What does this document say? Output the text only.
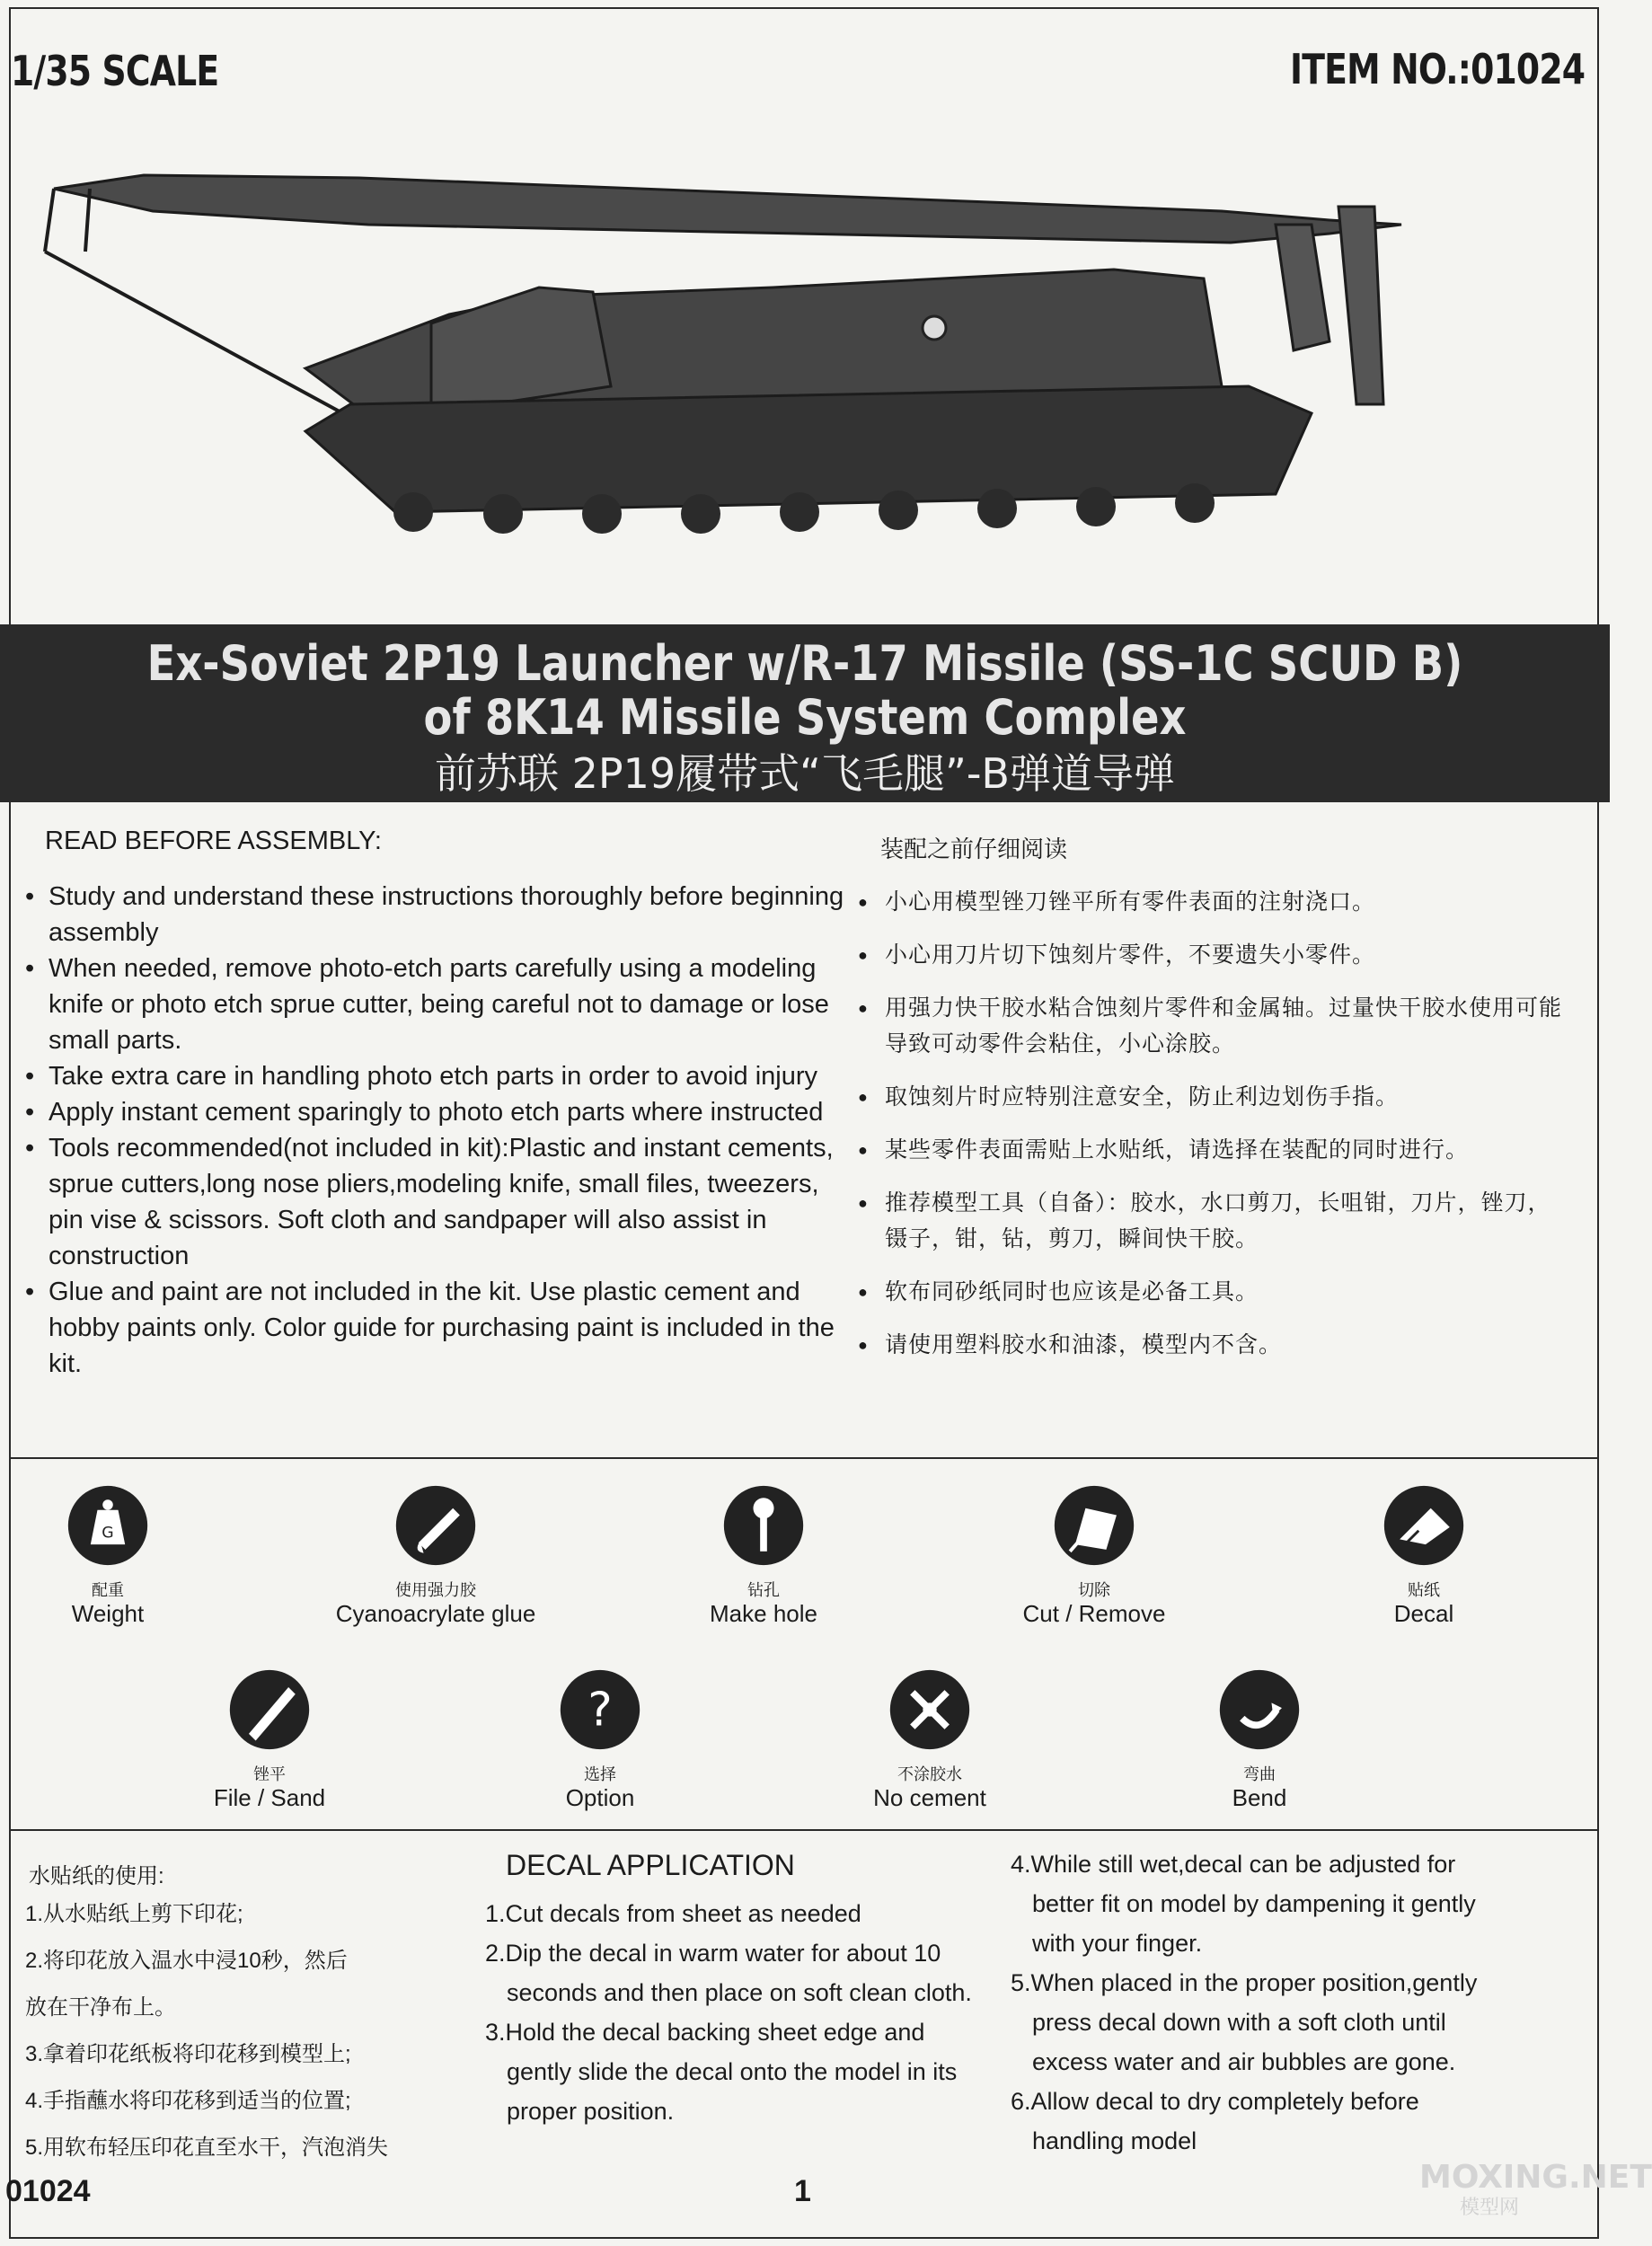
1/35 SCALE	ITEM NO.:01024
Ex-Soviet 2P19 Launcher w/R-17 Missile (SS-1C SCUD B)
of 8K14 Missile System Complex
前苏联 2P19履带式“飞毛腿”-B弹道导弹
READ BEFORE ASSEMBLY:
• Study and understand these instructions thoroughly before beginning assembly
• When needed, remove photo-etch parts carefully using a modeling knife or photo etch sprue cutter, being careful not to damage or lose small parts.
• Take extra care in handling photo etch parts in order to avoid injury
• Apply instant cement sparingly to photo etch parts where instructed
• Tools recommended(not included in kit):Plastic and instant cements, sprue cutters,long nose pliers,modeling knife, small files, tweezers, pin vise & scissors. Soft cloth and sandpaper will also assist in construction
• Glue and paint are not included in the kit. Use plastic cement and hobby paints only. Color guide for purchasing paint is included in the kit.
装配之前仔细阅读
● 小心用模型锉刀锉平所有零件表面的注射浇口。
● 小心用刀片切下蚀刻片零件，不要遗失小零件。
● 用强力快干胶水粘合蚀刻片零件和金属轴。过量快干胶水使用可能导致可动零件会粘住，小心涂胶。
● 取蚀刻片时应特别注意安全，防止利边划伤手指。
● 某些零件表面需贴上水贴纸，请选择在装配的同时进行。
● 推荐模型工具（自备）：胶水，水口剪刀，长咀钳，刀片，锉刀，镊子，钳，钻，剪刀，瞬间快干胶。
● 软布同砂纸同时也应该是必备工具。
● 请使用塑料胶水和油漆，模型内不含。
G
配重
Weight
使用强力胶
Cyanoacrylate glue
钻孔
Make hole
切除
Cut / Remove
贴纸
Decal
锉平
File / Sand
?
选择
Option
不涂胶水
No cement
弯曲
Bend
水贴纸的使用:
1.从水贴纸上剪下印花;
2.将印花放入温水中浸10秒，然后
放在干净布上。
3.拿着印花纸板将印花移到模型上;
4.手指蘸水将印花移到适当的位置;
5.用软布轻压印花直至水干，汽泡消失
DECAL APPLICATION
1.Cut decals from sheet as needed
2.Dip the decal in warm water for about 10
seconds and then place on soft clean cloth.
3.Hold the decal backing sheet edge and
gently slide the decal onto the model in its
proper position.
4.While still wet,decal can be adjusted for
better fit on model by dampening it gently
with your finger.
5.When placed in the proper position,gently
press decal down with a soft cloth until
excess water and air bubbles are gone.
6.Allow decal to dry completely before
handling model
01024	1	MOXING.NET
模型网
